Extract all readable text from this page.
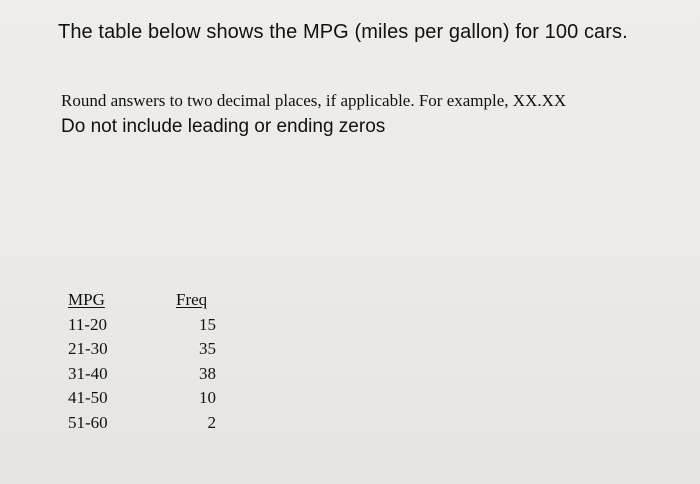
The table below shows the MPG (miles per gallon) for 100 cars.
Round answers to two decimal places, if applicable. For example, XX.XX
Do not include leading or ending zeros
MPG	Freq
11-20	15
21-30	35
31-40	38
41-50	10
51-60	2
